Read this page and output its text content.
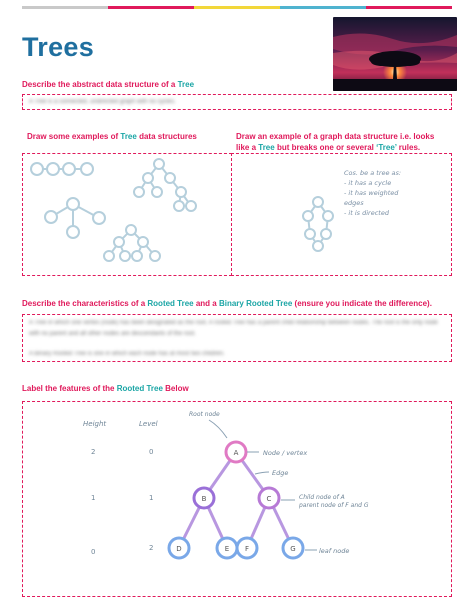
Trees
Describe the abstract data structure of a Tree
A Tree is a connected, undirected graph with no cycles.
Draw some examples of Tree data structures	Draw an example of a graph data structure i.e. looks
like a Tree but breaks one or several ‘Tree’ rules.
Cos. be a tree as:
- it has a cycle
- it has weighted
edges
- it is directed
Describe the characteristics of a Rooted Tree and a Binary Rooted Tree (ensure you indicate the difference).
A Tree in which one vertex (node) has been designated as the root. A rooted Tree has a parent child relationship between nodes. The root is the only node with no parent and all other nodes are descendants of the root.
A Binary Rooted Tree is one in which each node has at most two children.
Label the features of the Rooted Tree Below
Height	Level
Root node
2	0
1	1
0	2
A
B	C
D	E F	G
Node / vertex
Edge
Child node of A
parent node of F and G
leaf node
